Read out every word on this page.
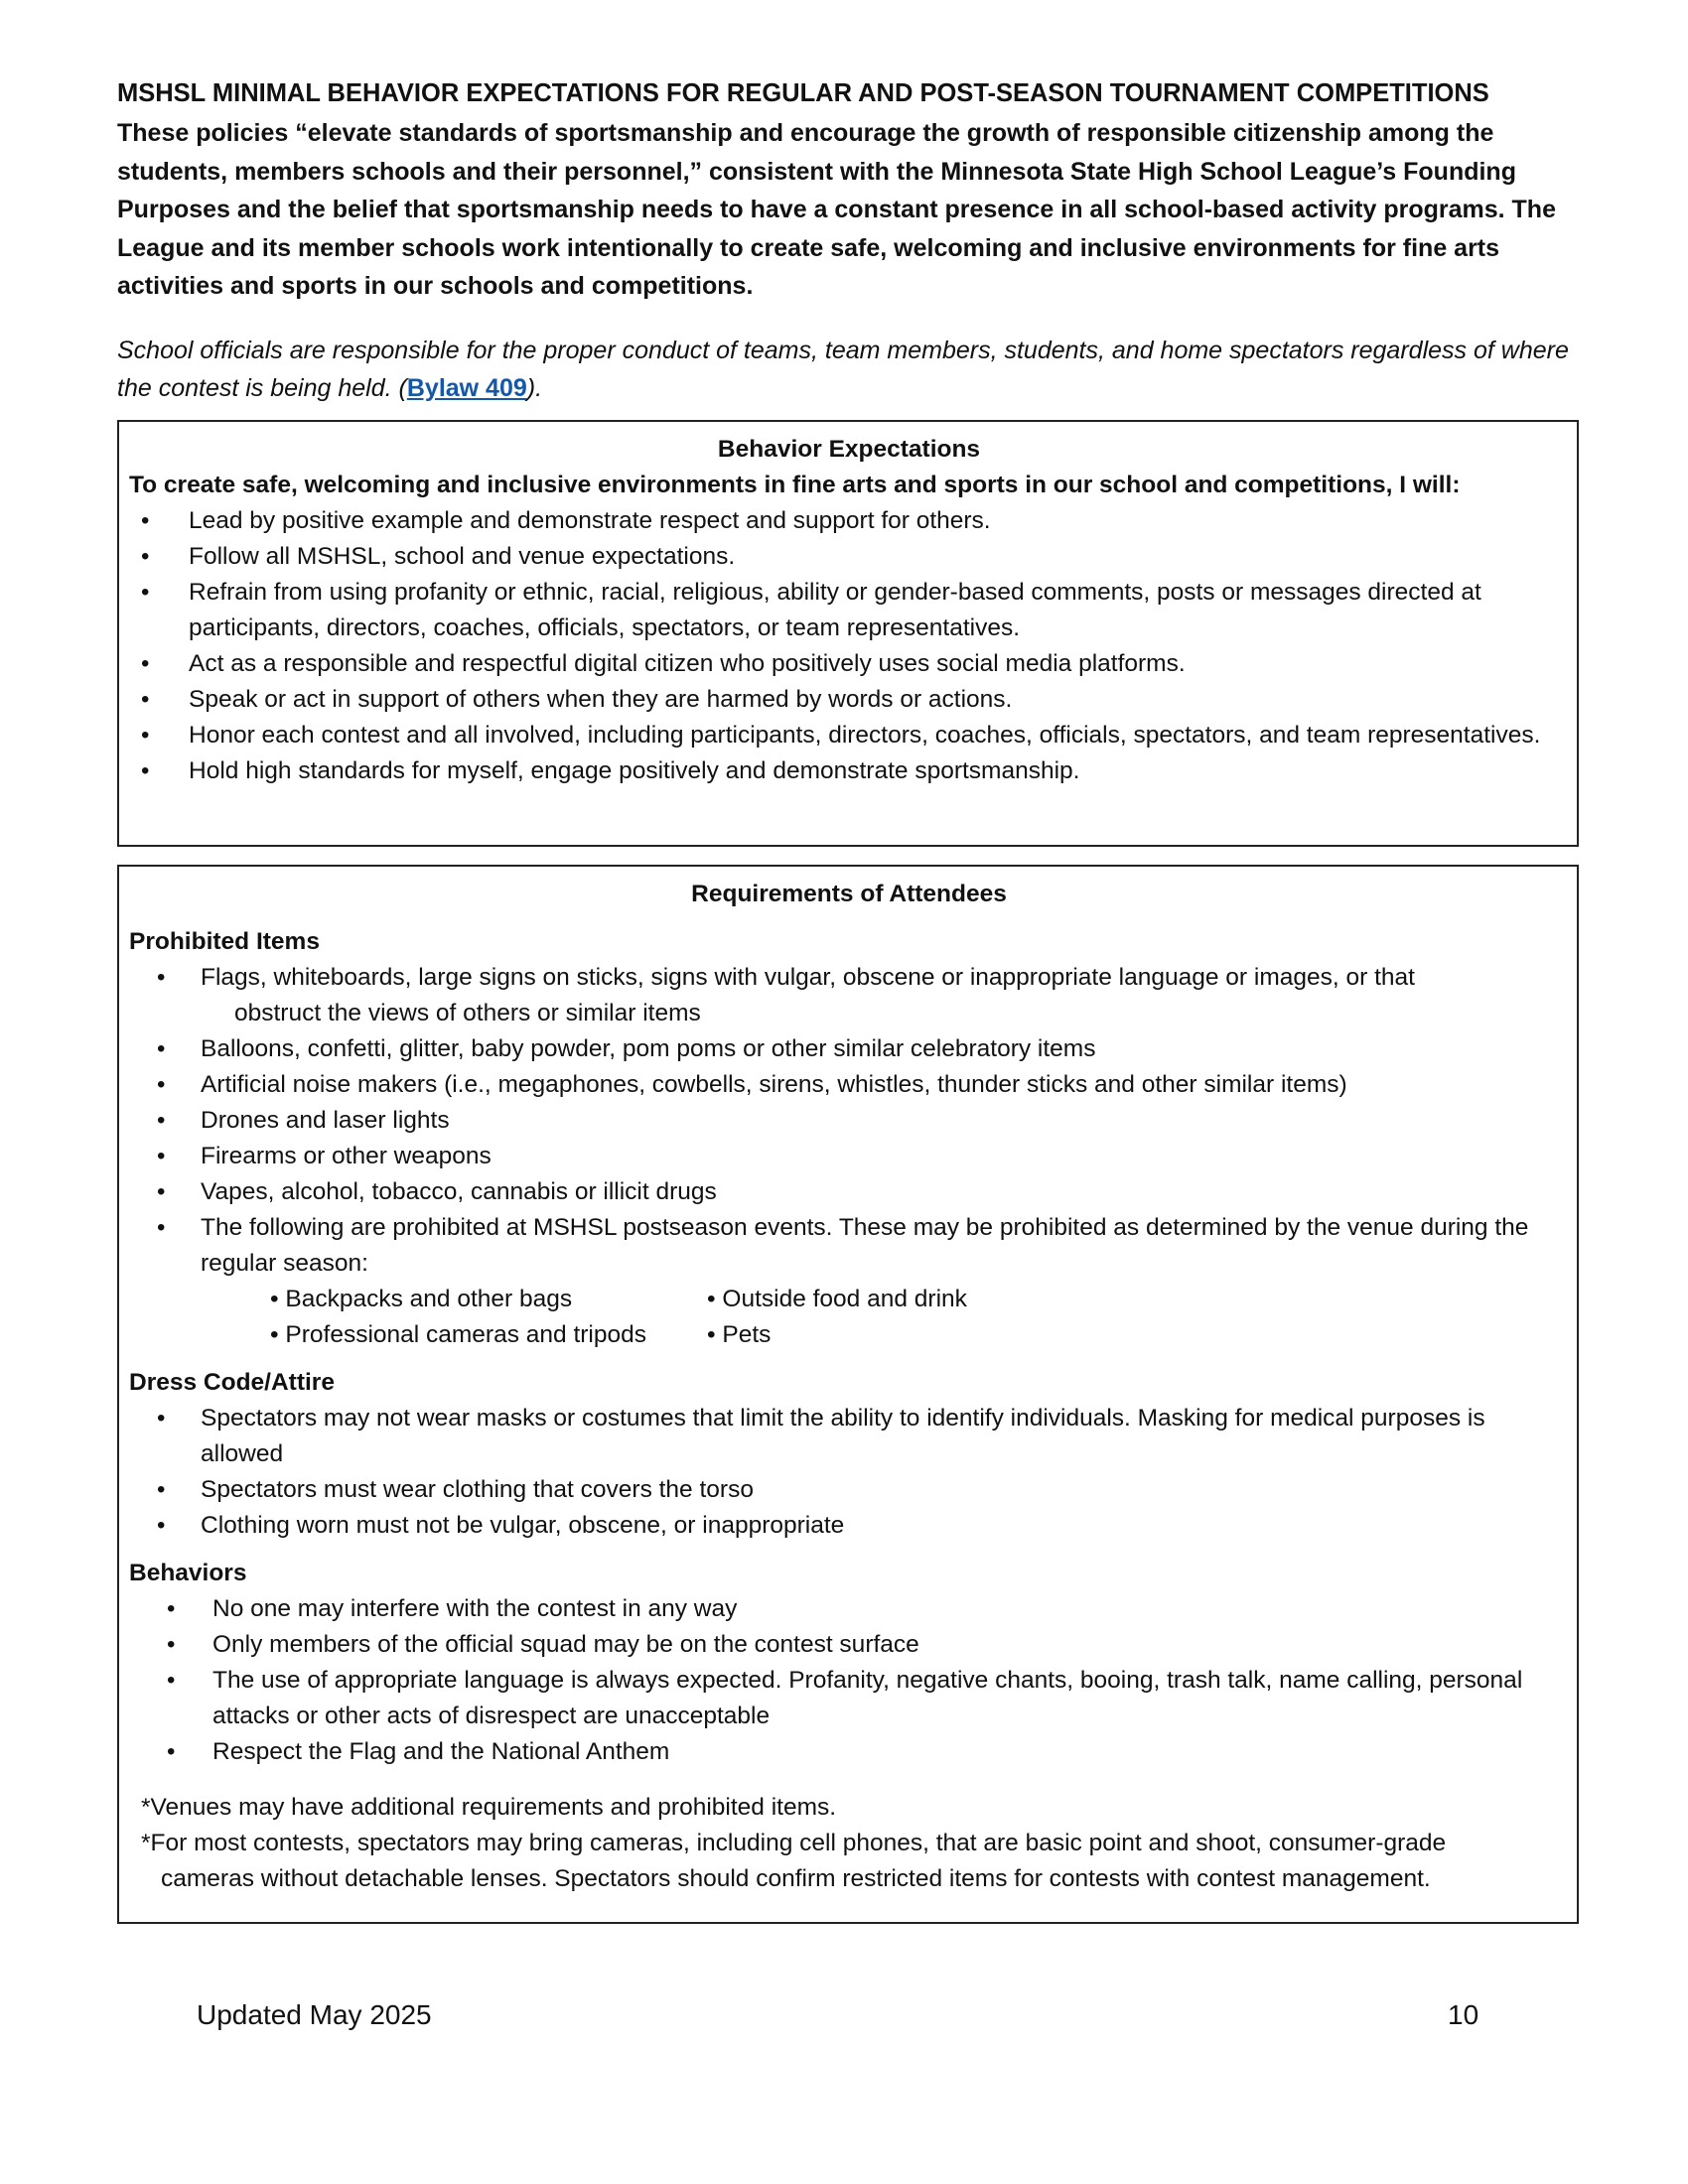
MSHSL MINIMAL BEHAVIOR EXPECTATIONS FOR REGULAR AND POST-SEASON TOURNAMENT COMPETITIONS

These policies “elevate standards of sportsmanship and encourage the growth of responsible citizenship among the students, members schools and their personnel,” consistent with the Minnesota State High School League’s Founding Purposes and the belief that sportsmanship needs to have a constant presence in all school-based activity programs. The League and its member schools work intentionally to create safe, welcoming and inclusive environments for fine arts activities and sports in our schools and competitions.

School officials are responsible for the proper conduct of teams, team members, students, and home spectators regardless of where the contest is being held. (Bylaw 409).

Behavior Expectations
To create safe, welcoming and inclusive environments in fine arts and sports in our school and competitions, I will:
• Lead by positive example and demonstrate respect and support for others.
• Follow all MSHSL, school and venue expectations.
• Refrain from using profanity or ethnic, racial, religious, ability or gender-based comments, posts or messages directed at participants, directors, coaches, officials, spectators, or team representatives.
• Act as a responsible and respectful digital citizen who positively uses social media platforms.
• Speak or act in support of others when they are harmed by words or actions.
• Honor each contest and all involved, including participants, directors, coaches, officials, spectators, and team representatives.
• Hold high standards for myself, engage positively and demonstrate sportsmanship.
Requirements of Attendees
Prohibited Items
• Flags, whiteboards, large signs on sticks, signs with vulgar, obscene or inappropriate language or images, or that
obstruct the views of others or similar items
• Balloons, confetti, glitter, baby powder, pom poms or other similar celebratory items
• Artificial noise makers (i.e., megaphones, cowbells, sirens, whistles, thunder sticks and other similar items)
• Drones and laser lights
• Firearms or other weapons
• Vapes, alcohol, tobacco, cannabis or illicit drugs
• The following are prohibited at MSHSL postseason events. These may be prohibited as determined by the venue during the regular season:
• Backpacks and other bags	• Outside food and drink
• Professional cameras and tripods	• Pets
Dress Code/Attire
• Spectators may not wear masks or costumes that limit the ability to identify individuals. Masking for medical purposes is allowed
• Spectators must wear clothing that covers the torso
• Clothing worn must not be vulgar, obscene, or inappropriate
Behaviors
• No one may interfere with the contest in any way
• Only members of the official squad may be on the contest surface
• The use of appropriate language is always expected. Profanity, negative chants, booing, trash talk, name calling, personal attacks or other acts of disrespect are unacceptable
• Respect the Flag and the National Anthem

*Venues may have additional requirements and prohibited items.

*For most contests, spectators may bring cameras, including cell phones, that are basic point and shoot, consumer-grade

cameras without detachable lenses. Spectators should confirm restricted items for contests with contest management.

Updated May 2025	10
